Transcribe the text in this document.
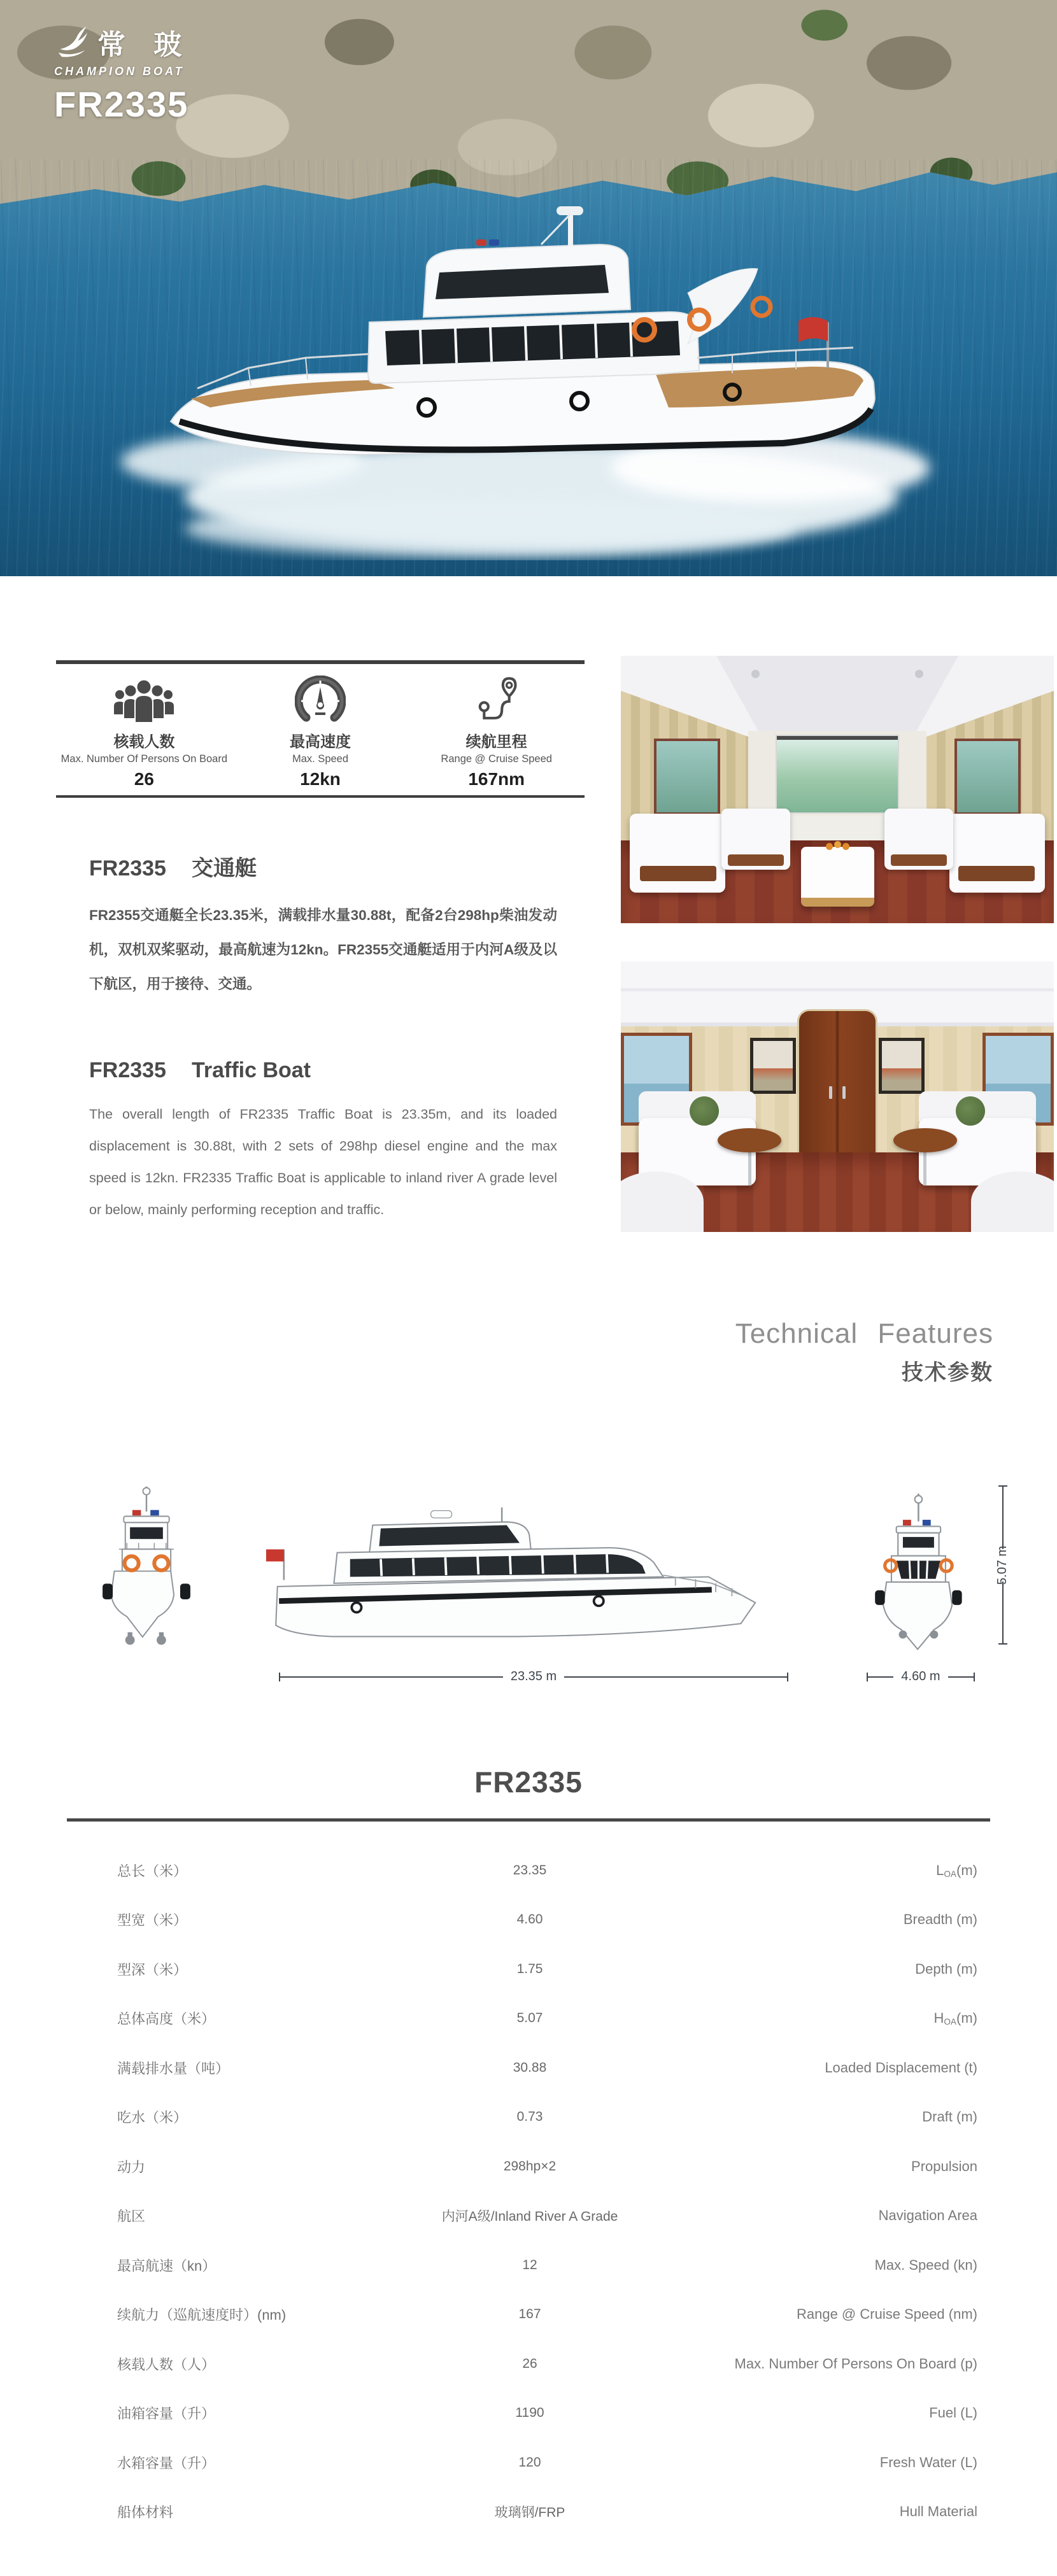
常 玻
CHAMPION BOAT
FR2335
核载人数
Max. Number Of Persons On Board
26
最高速度
Max. Speed
12kn
续航里程
Range @ Cruise Speed
167nm
FR2335 交通艇
FR2355交通艇全长23.35米，满载排水量30.88t，配备2台298hp柴油发动机，双机双桨驱动，最高航速为12kn。FR2355交通艇适用于内河A级及以下航区，用于接待、交通。
FR2335 Traffic Boat
The overall length of FR2335 Traffic Boat is 23.35m, and its loaded displacement is 30.88t, with 2 sets of 298hp diesel engine and the max speed is 12kn. FR2335 Traffic Boat is applicable to inland river A grade level or below, mainly performing reception and traffic.
Technical Features
技术参数
23.35 m	4.60 m
5.07 m
FR2335
总长（米）	23.35	LOA(m)
型宽（米）	4.60	Breadth (m)
型深（米）	1.75	Depth (m)
总体高度（米）	5.07	HOA(m)
满载排水量（吨）	30.88	Loaded Displacement (t)
吃水（米）	0.73	Draft (m)
动力	298hp×2	Propulsion
航区	内河A级/Inland River A Grade	Navigation Area
最高航速（kn）	12	Max. Speed (kn)
续航力（巡航速度时）(nm)	167	Range @ Cruise Speed (nm)
核载人数（人）	26	Max. Number Of Persons On Board (p)
油箱容量（升）	1190	Fuel (L)
水箱容量（升）	120	Fresh Water (L)
船体材料	玻璃钢/FRP	Hull Material
